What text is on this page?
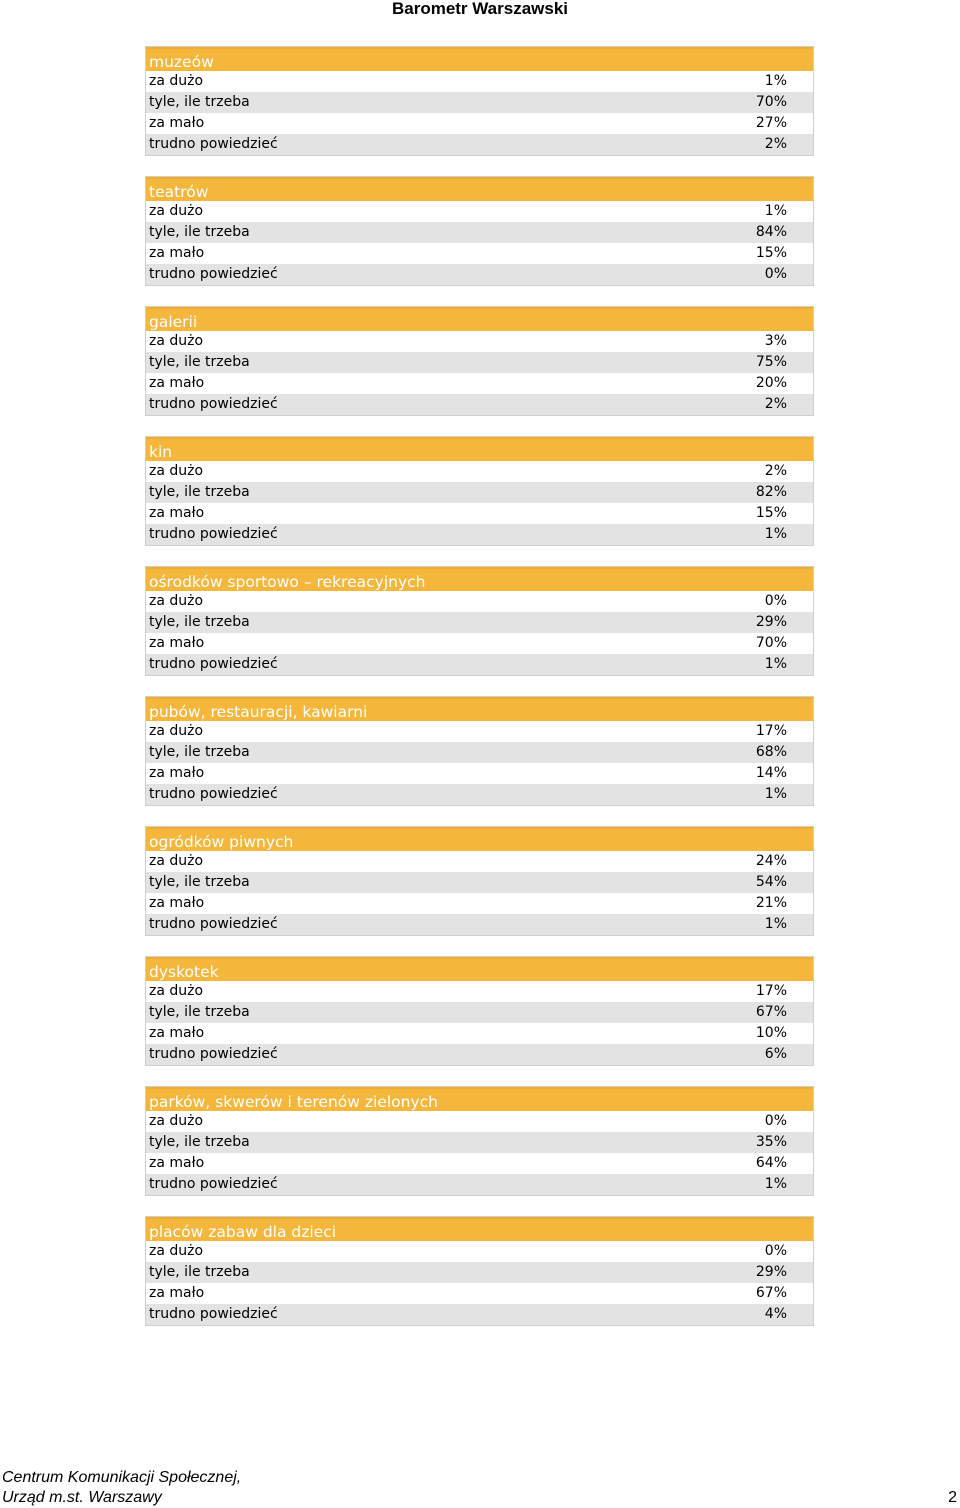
Barometr Warszawski
muzeów
za dużo	1%
tyle, ile trzeba	70%
za mało	27%
trudno powiedzieć	2%
teatrów
za dużo	1%
tyle, ile trzeba	84%
za mało	15%
trudno powiedzieć	0%
galerii
za dużo	3%
tyle, ile trzeba	75%
za mało	20%
trudno powiedzieć	2%
kin
za dużo	2%
tyle, ile trzeba	82%
za mało	15%
trudno powiedzieć	1%
ośrodków sportowo – rekreacyjnych
za dużo	0%
tyle, ile trzeba	29%
za mało	70%
trudno powiedzieć	1%
pubów, restauracji, kawiarni
za dużo	17%
tyle, ile trzeba	68%
za mało	14%
trudno powiedzieć	1%
ogródków piwnych
za dużo	24%
tyle, ile trzeba	54%
za mało	21%
trudno powiedzieć	1%
dyskotek
za dużo	17%
tyle, ile trzeba	67%
za mało	10%
trudno powiedzieć	6%
parków, skwerów i terenów zielonych
za dużo	0%
tyle, ile trzeba	35%
za mało	64%
trudno powiedzieć	1%
placów zabaw dla dzieci
za dużo	0%
tyle, ile trzeba	29%
za mało	67%
trudno powiedzieć	4%
Centrum Komunikacji Społecznej,
Urząd m.st. Warszawy	2
